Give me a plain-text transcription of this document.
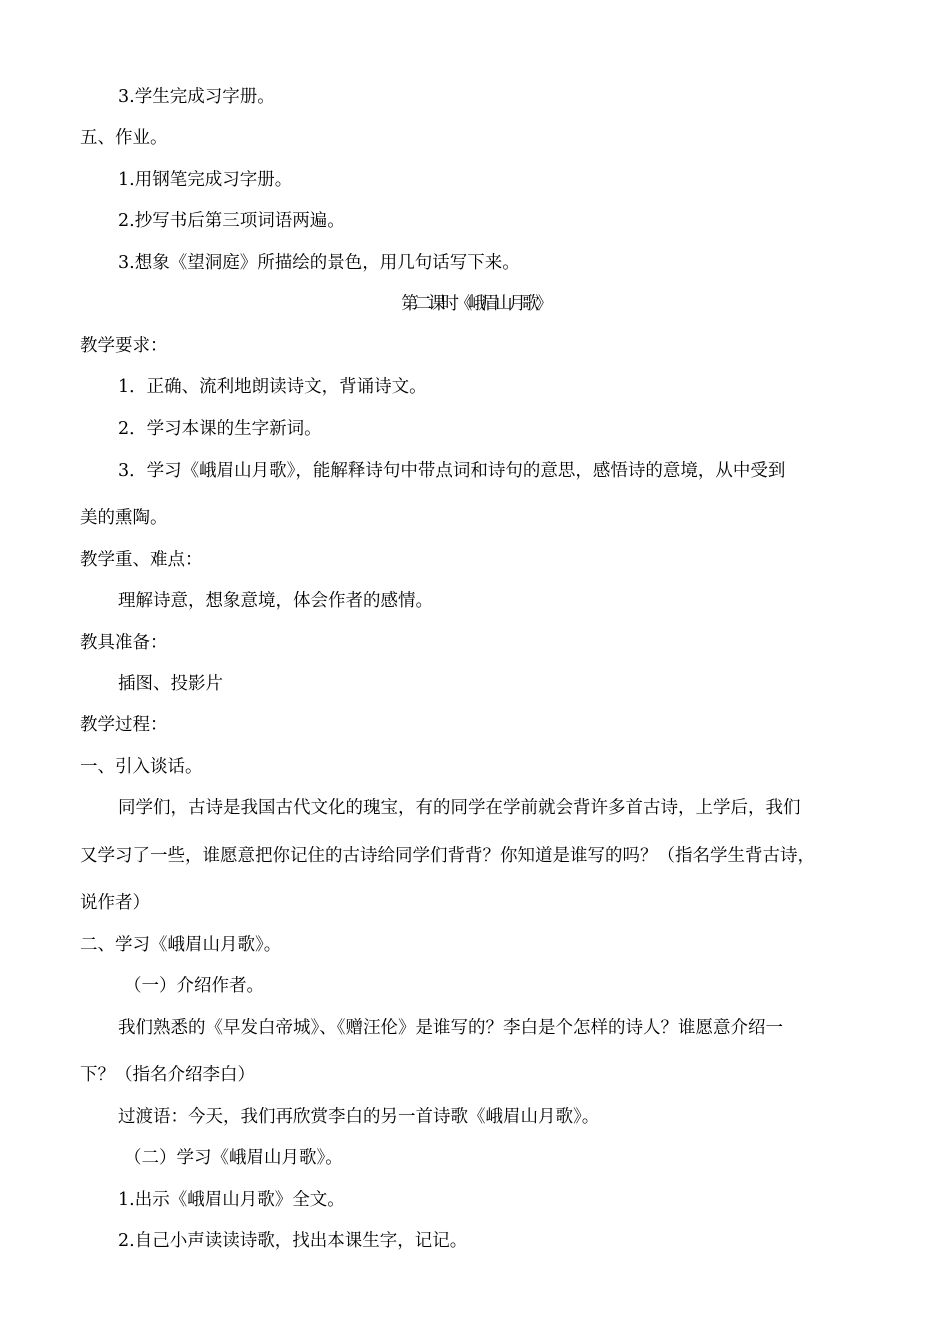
3.学生完成习字册。
五、作业。
1.用钢笔完成习字册。
2.抄写书后第三项词语两遍。
3.想象《望洞庭》所描绘的景色，用几句话写下来。
第二课时《峨眉山月歌》
教学要求：
1．正确、流利地朗读诗文，背诵诗文。
2．学习本课的生字新词。
3．学习《峨眉山月歌》，能解释诗句中带点词和诗句的意思，感悟诗的意境，从中受到
美的熏陶。
教学重、难点：
理解诗意，想象意境，体会作者的感情。
教具准备：
插图、投影片
教学过程：
一、引入谈话。
同学们，古诗是我国古代文化的瑰宝，有的同学在学前就会背许多首古诗，上学后，我们
又学习了一些，谁愿意把你记住的古诗给同学们背背？你知道是谁写的吗？（指名学生背古诗，
说作者）
二、学习《峨眉山月歌》。
（一）介绍作者。
我们熟悉的《早发白帝城》、《赠汪伦》是谁写的？李白是个怎样的诗人？谁愿意介绍一
下？（指名介绍李白）
过渡语：今天，我们再欣赏李白的另一首诗歌《峨眉山月歌》。
（二）学习《峨眉山月歌》。
1.出示《峨眉山月歌》全文。
2.自己小声读读诗歌，找出本课生字，记记。
